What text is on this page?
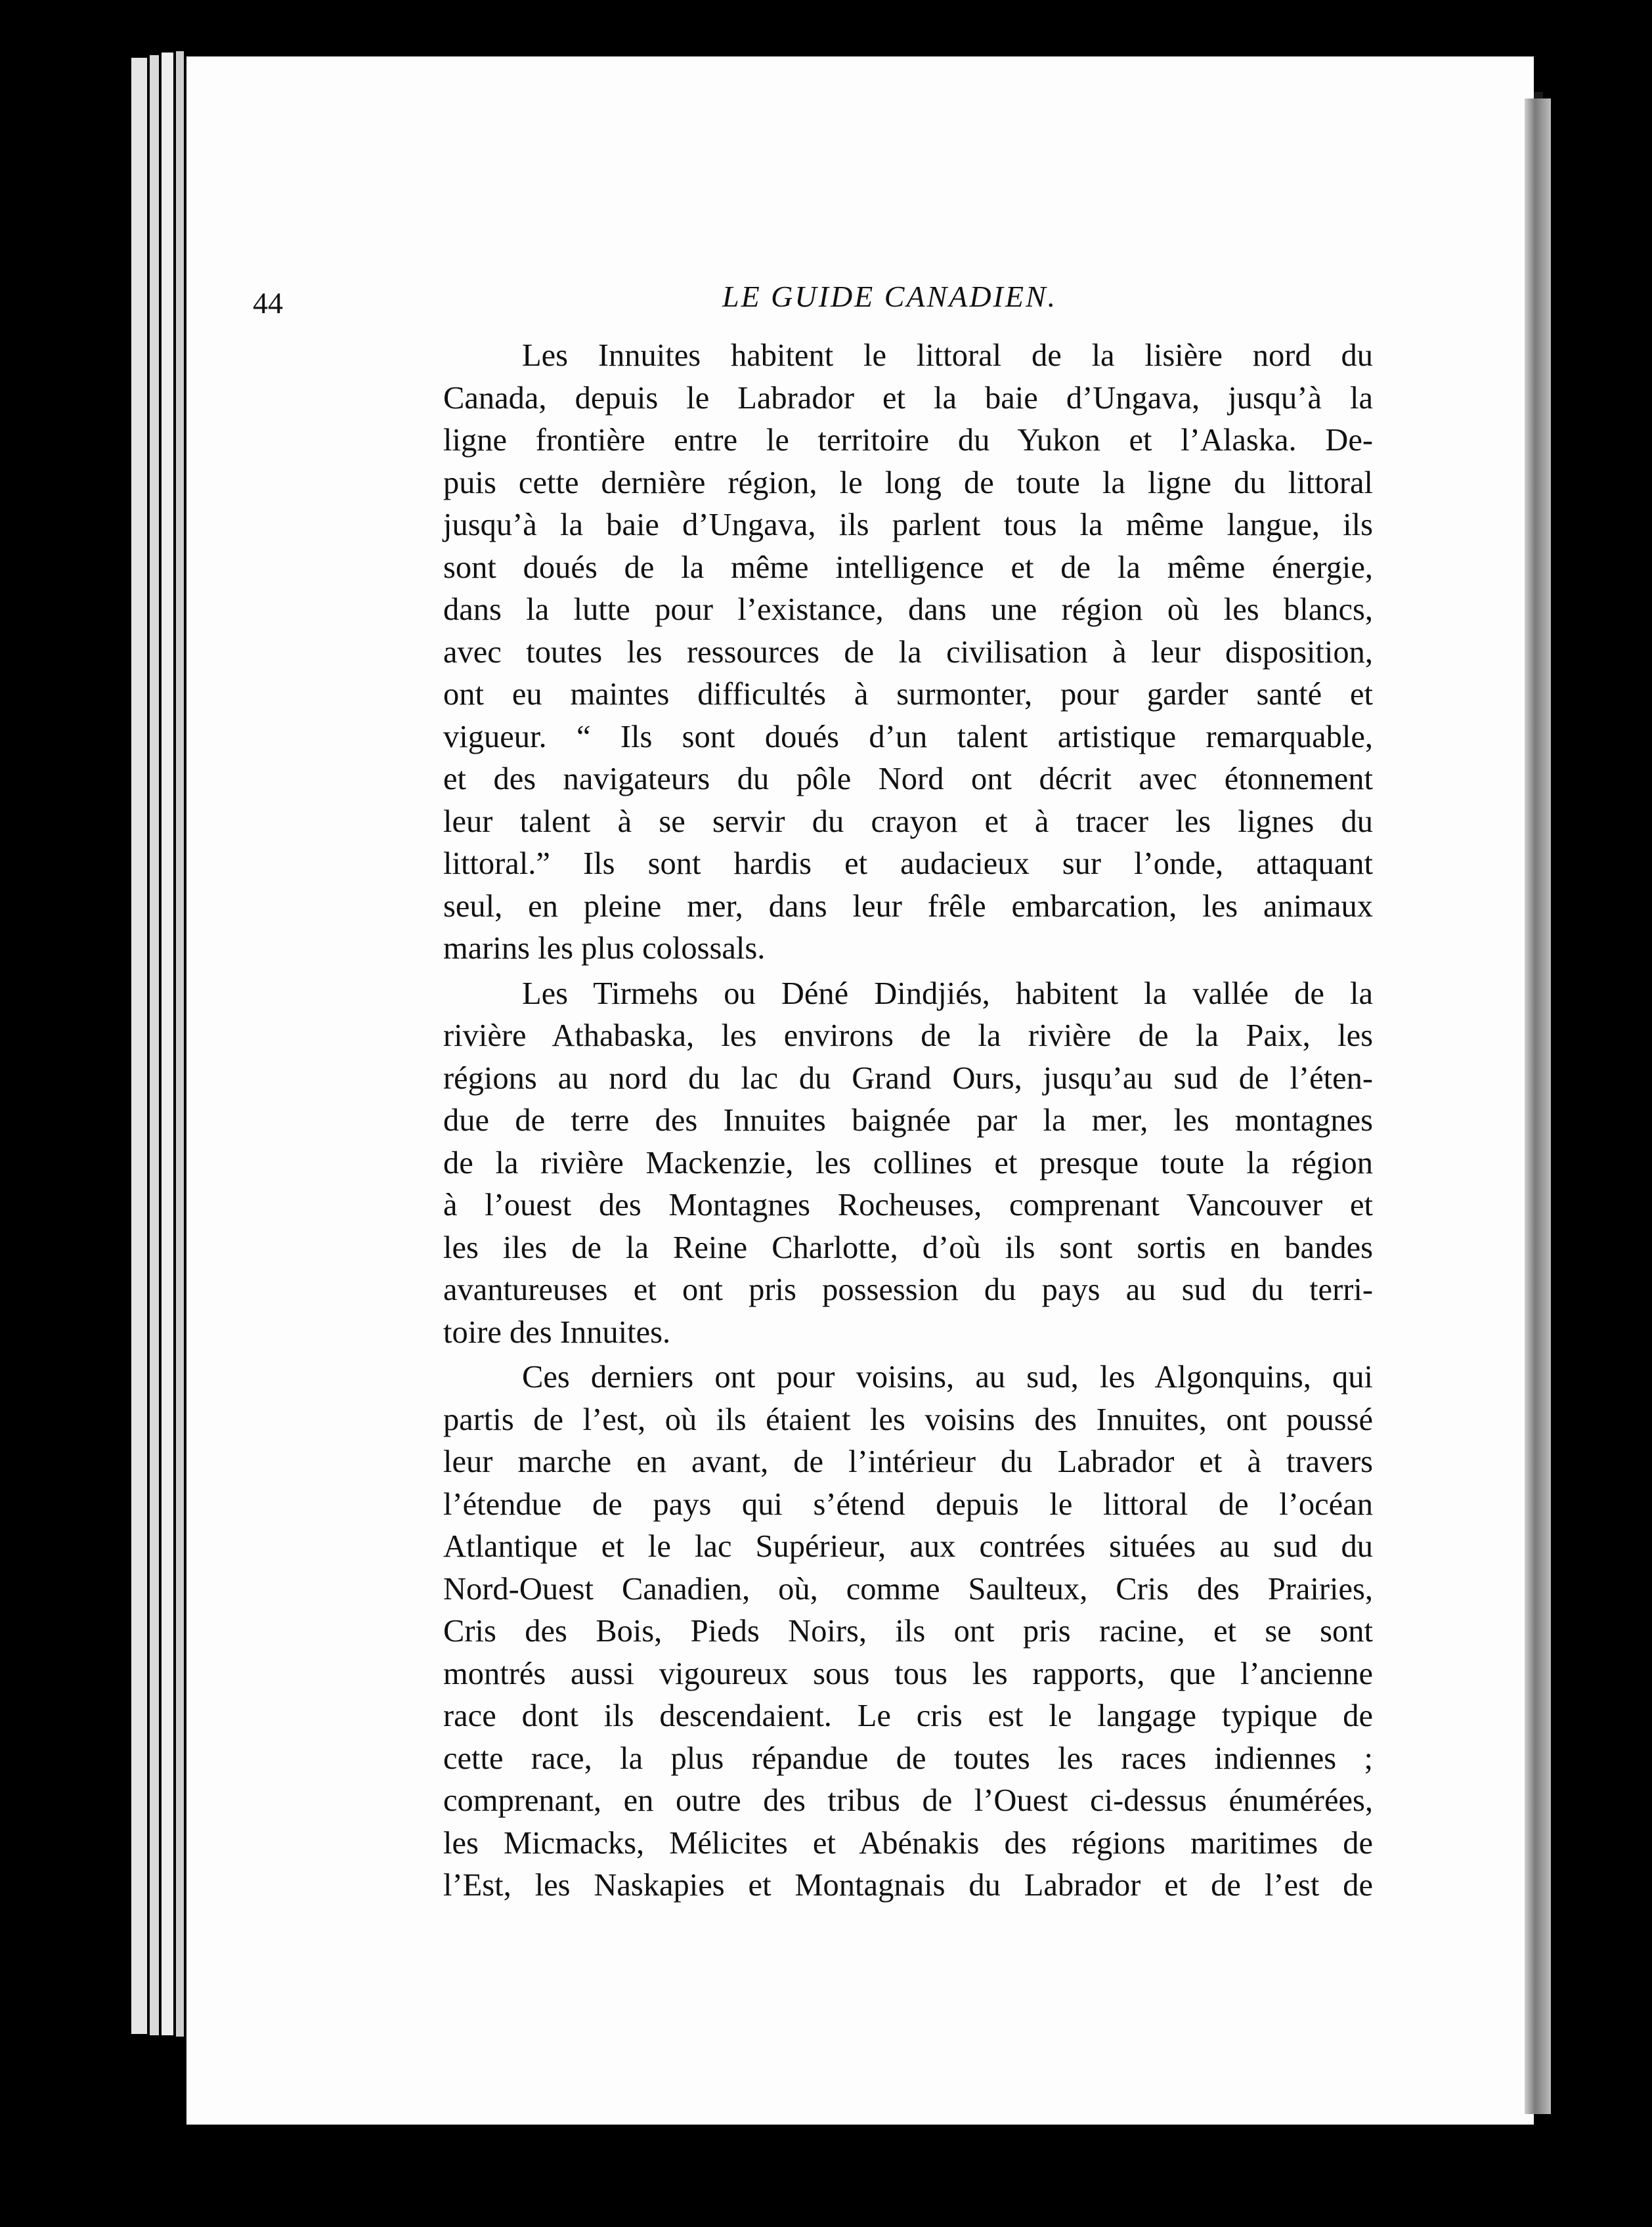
44	LE GUIDE CANADIEN.
Les Innuites habitent le littoral de la lisière nord du
Canada, depuis le Labrador et la baie d’Ungava, jusqu’à la
ligne frontière entre le territoire du Yukon et l’Alaska. De-
puis cette dernière région, le long de toute la ligne du littoral
jusqu’à la baie d’Ungava, ils parlent tous la même langue, ils
sont doués de la même intelligence et de la même énergie,
dans la lutte pour l’existance, dans une région où les blancs,
avec toutes les ressources de la civilisation à leur disposition,
ont eu maintes difficultés à surmonter, pour garder santé et
vigueur. “ Ils sont doués d’un talent artistique remarquable,
et des navigateurs du pôle Nord ont décrit avec étonnement
leur talent à se servir du crayon et à tracer les lignes du
littoral.” Ils sont hardis et audacieux sur l’onde, attaquant
seul, en pleine mer, dans leur frêle embarcation, les animaux
marins les plus colossals.
Les Tirmehs ou Déné Dindjiés, habitent la vallée de la
rivière Athabaska, les environs de la rivière de la Paix, les
régions au nord du lac du Grand Ours, jusqu’au sud de l’éten-
due de terre des Innuites baignée par la mer, les montagnes
de la rivière Mackenzie, les collines et presque toute la région
à l’ouest des Montagnes Rocheuses, comprenant Vancouver et
les iles de la Reine Charlotte, d’où ils sont sortis en bandes
avantureuses et ont pris possession du pays au sud du terri-
toire des Innuites.
Ces derniers ont pour voisins, au sud, les Algonquins, qui
partis de l’est, où ils étaient les voisins des Innuites, ont poussé
leur marche en avant, de l’intérieur du Labrador et à travers
l’étendue de pays qui s’étend depuis le littoral de l’océan
Atlantique et le lac Supérieur, aux contrées situées au sud du
Nord-Ouest Canadien, où, comme Saulteux, Cris des Prairies,
Cris des Bois, Pieds Noirs, ils ont pris racine, et se sont
montrés aussi vigoureux sous tous les rapports, que l’ancienne
race dont ils descendaient. Le cris est le langage typique de
cette race, la plus répandue de toutes les races indiennes ;
comprenant, en outre des tribus de l’Ouest ci-dessus énumérées,
les Micmacks, Mélicites et Abénakis des régions maritimes de
l’Est, les Naskapies et Montagnais du Labrador et de l’est de
